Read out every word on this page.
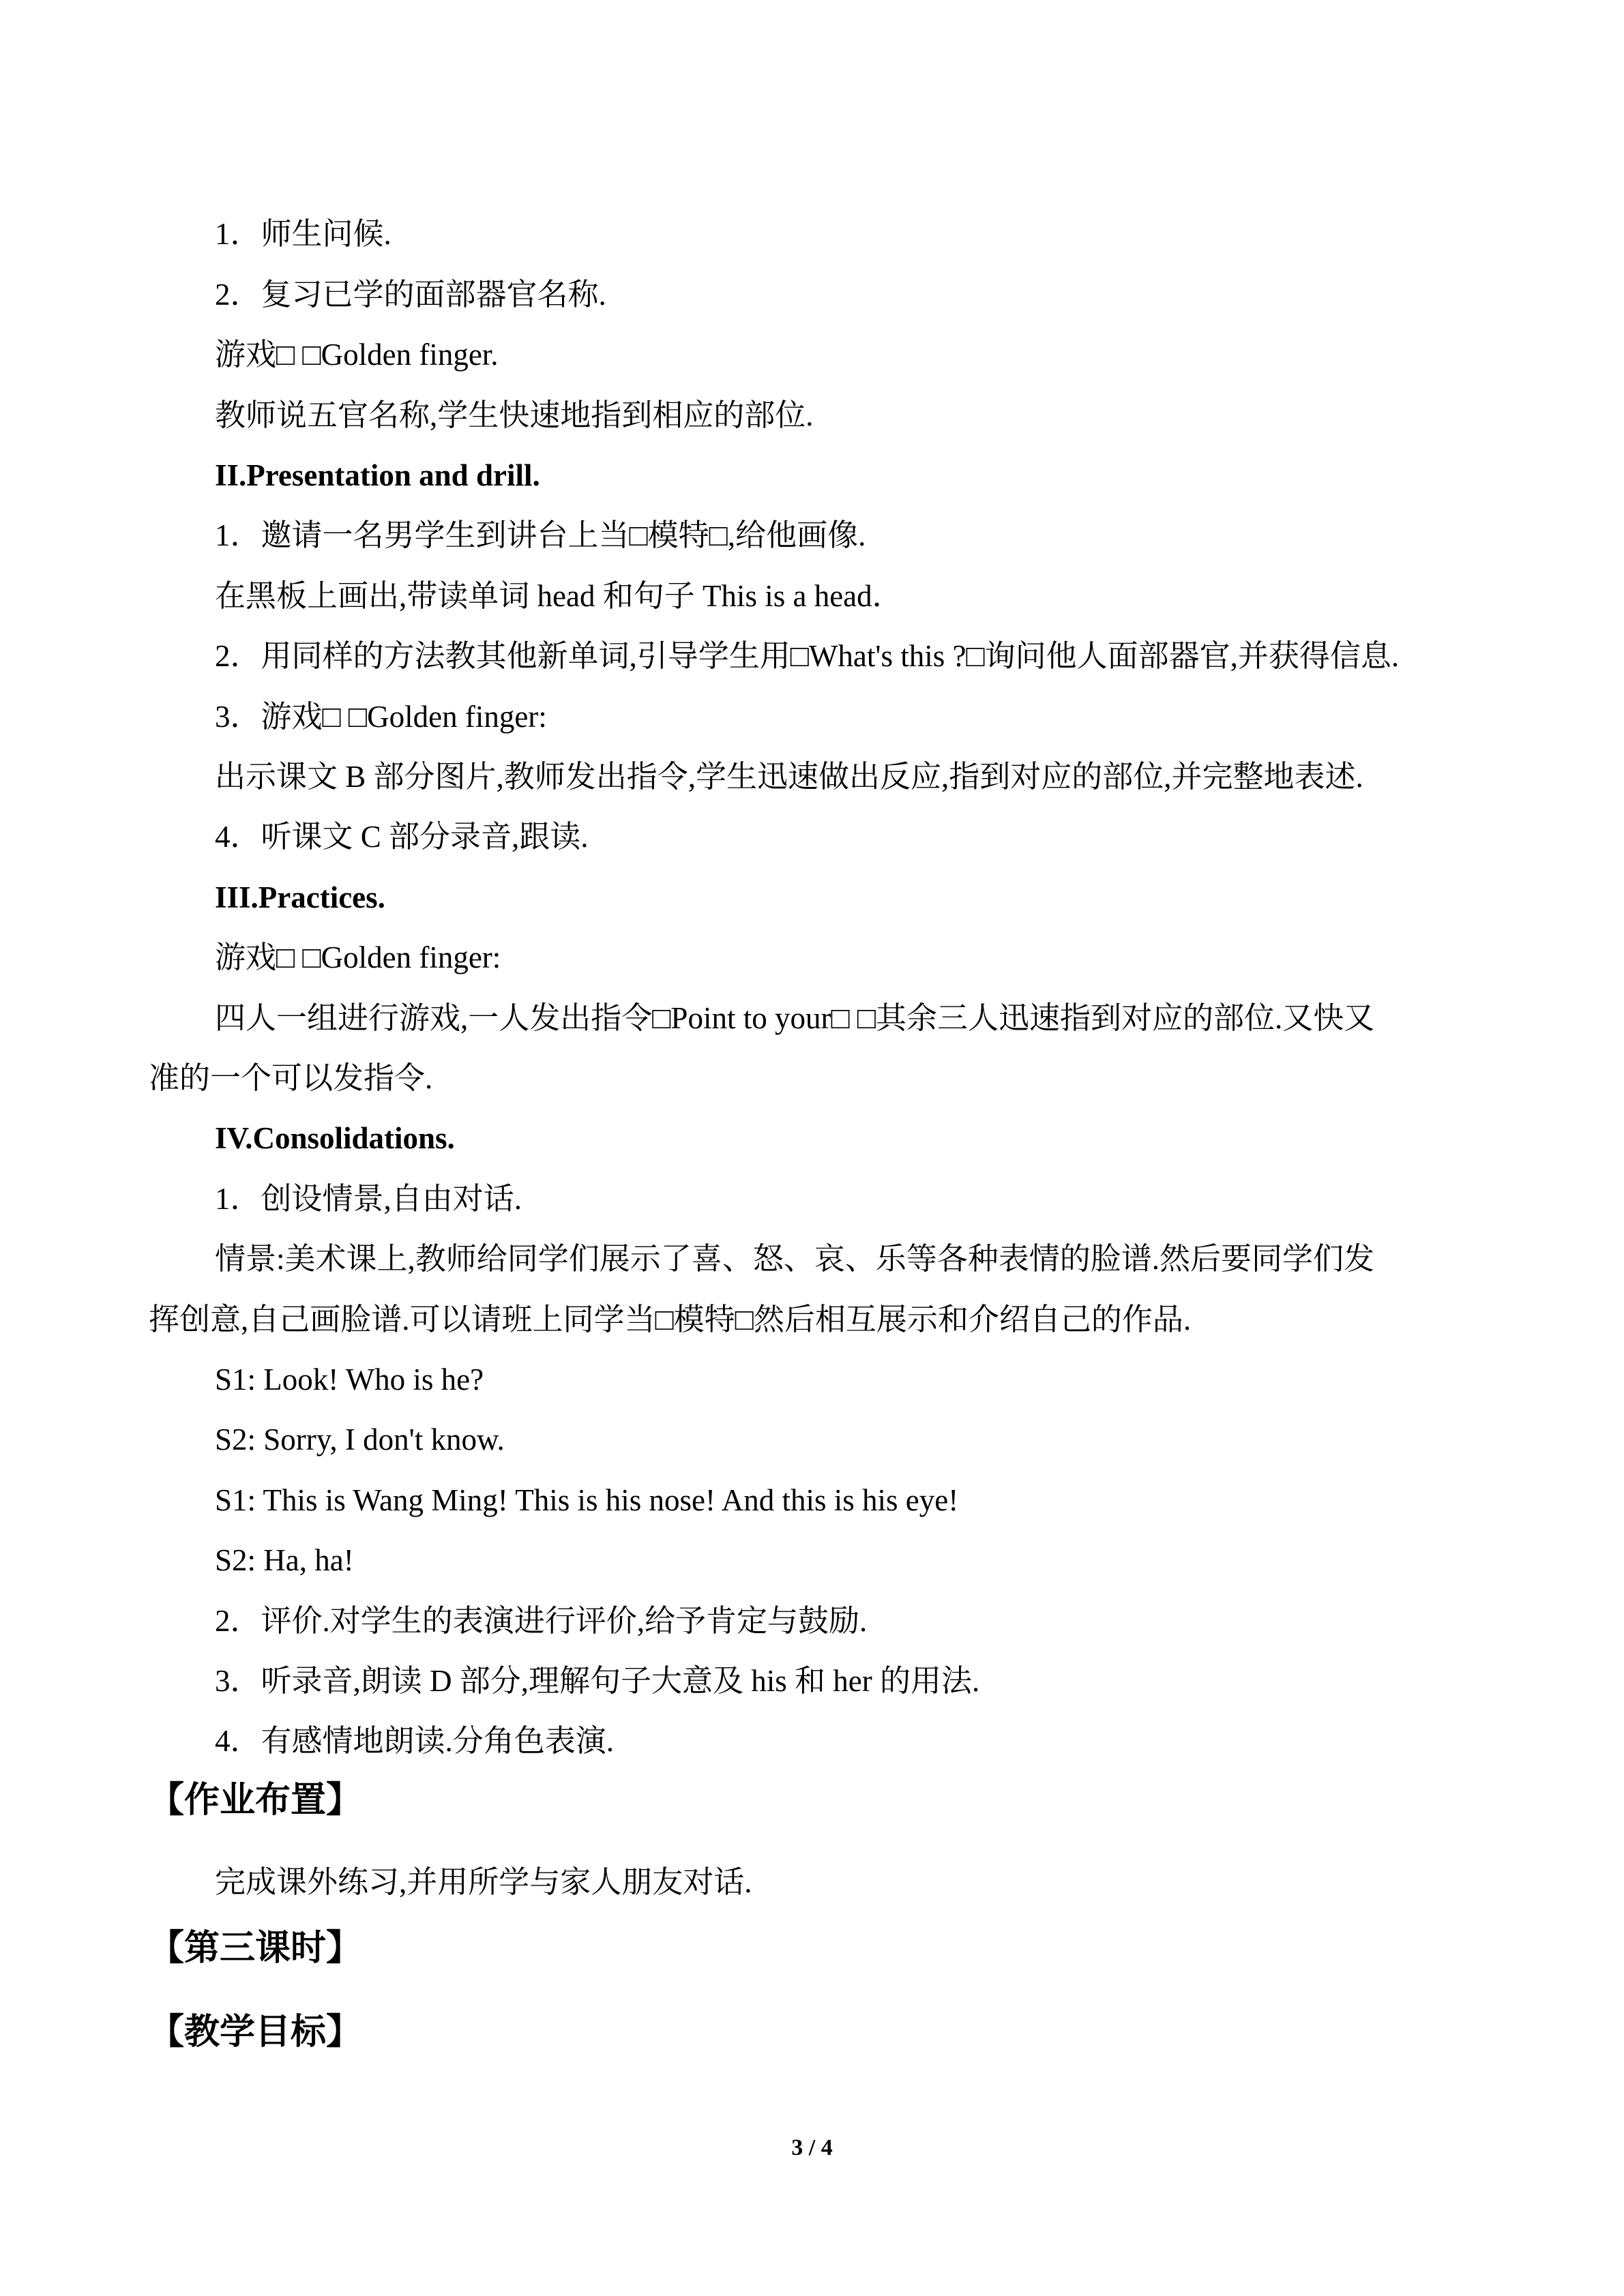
1．师生问候.
2．复习已学的面部器官名称.
游戏□ □Golden finger.
教师说五官名称,学生快速地指到相应的部位.
II.Presentation and drill.
1．邀请一名男学生到讲台上当□模特□,给他画像.
在黑板上画出,带读单词 head 和句子 This is a head．
2．用同样的方法教其他新单词,引导学生用□What's this ?□询问他人面部器官,并获得信息.
3．游戏□ □Golden finger:
出示课文 B 部分图片,教师发出指令,学生迅速做出反应,指到对应的部位,并完整地表述.
4．听课文 C 部分录音,跟读.
III.Practices.
游戏□ □Golden finger:
四人一组进行游戏,一人发出指令□Point to your□ □其余三人迅速指到对应的部位.又快又
准的一个可以发指令.
IV.Consolidations.
1．创设情景,自由对话.
情景:美术课上,教师给同学们展示了喜、怒、哀、乐等各种表情的脸谱.然后要同学们发
挥创意,自己画脸谱.可以请班上同学当□模特□然后相互展示和介绍自己的作品.
S1: Look! Who is he?
S2: Sorry, I don't know.
S1: This is Wang Ming! This is his nose! And this is his eye!
S2: Ha, ha!
2．评价.对学生的表演进行评价,给予肯定与鼓励.
3．听录音,朗读 D 部分,理解句子大意及 his 和 her 的用法.
4．有感情地朗读.分角色表演.
【作业布置】
完成课外练习,并用所学与家人朋友对话.
【第三课时】
【教学目标】
3 / 4
